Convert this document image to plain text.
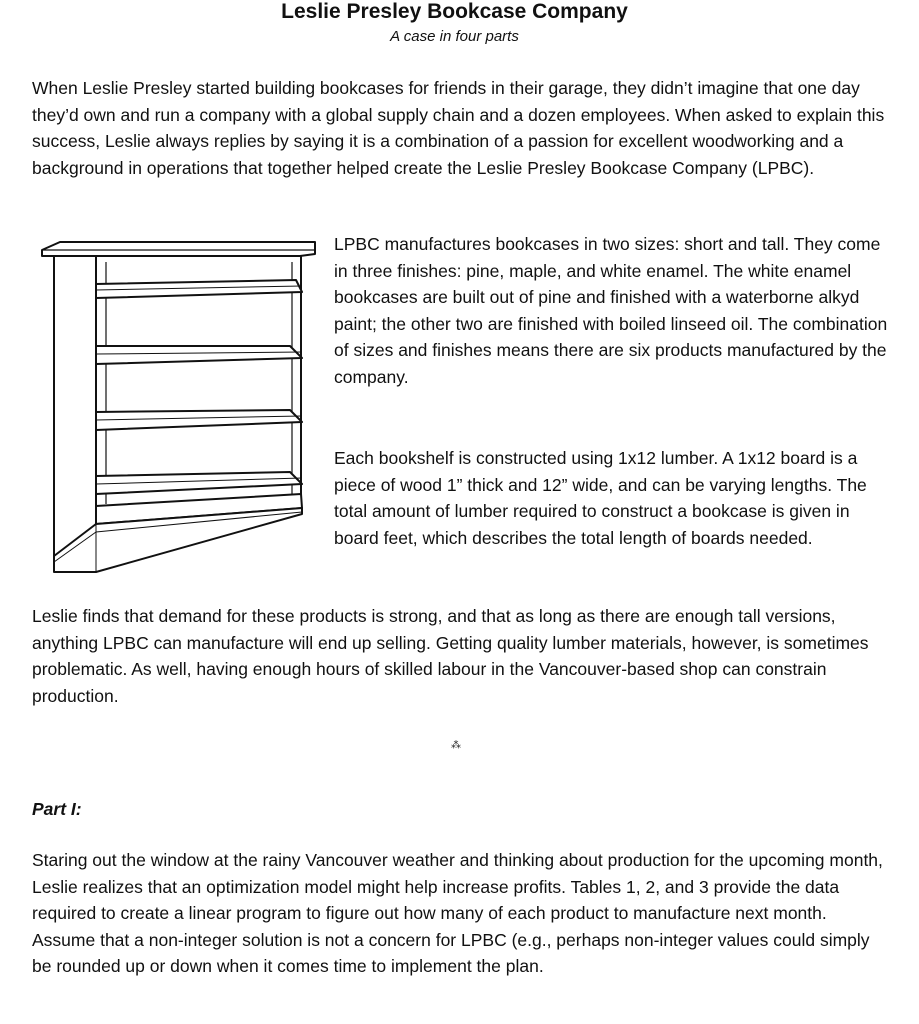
Leslie Presley Bookcase Company
A case in four parts

When Leslie Presley started building bookcases for friends in their garage, they didn’t imagine that one day they’d own and run a company with a global supply chain and a dozen employees. When asked to explain this success, Leslie always replies by saying it is a combination of a passion for excellent woodworking and a background in operations that together helped create the Leslie Presley Bookcase Company (LPBC).

LPBC manufactures bookcases in two sizes: short and tall. They come in three finishes: pine, maple, and white enamel. The white enamel bookcases are built out of pine and finished with a waterborne alkyd paint; the other two are finished with boiled linseed oil. The combination of sizes and finishes means there are six products manufactured by the company.

Each bookshelf is constructed using 1x12 lumber. A 1x12 board is a piece of wood 1” thick and 12” wide, and can be varying lengths. The total amount of lumber required to construct a bookcase is given in board feet, which describes the total length of boards needed.

Leslie finds that demand for these products is strong, and that as long as there are enough tall versions, anything LPBC can manufacture will end up selling. Getting quality lumber materials, however, is sometimes problematic. As well, having enough hours of skilled labour in the Vancouver-based shop can constrain production.

⁂
Part I:

Staring out the window at the rainy Vancouver weather and thinking about production for the upcoming month, Leslie realizes that an optimization model might help increase profits. Tables 1, 2, and 3 provide the data required to create a linear program to figure out how many of each product to manufacture next month. Assume that a non-integer solution is not a concern for LPBC (e.g., perhaps non-integer values could simply be rounded up or down when it comes time to implement the plan.
